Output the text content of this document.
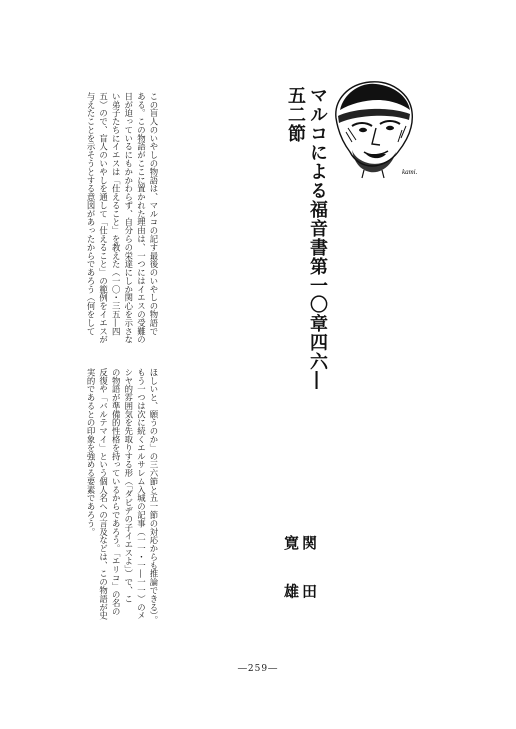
kami.
マルコによる福音書第一〇章四六―五二節
関 田 寛 雄

この盲人のいやしの物語は、マルコの記す最後のいやしの物語で
ある。この物語がここに置かれた理由は、一つにはイエスの受難の
日が迫っているにもかかわらず、自分らの栄達にしか関心を示さな
い弟子たちにイエスは「仕えること」を教えた（一〇・三五―四
五）ので、盲人のいやしを通して「仕えること」の範例をイエスが
与えたことを示そうとする意図があったからであろう（何をして

ほしいと、願うのか」の三六節と五一節の対応からも推論できる）。
もう一つは次に続くエルサレム入城の記事（一一・一―一一）のメ
シヤ的雰囲気を先取りする形（「ダビデの子イエスよ」）で、こ
の物語が準備的性格を持っているからであろう。「エリコ」の名の
反復や「バルテマイ」という個人名への言及などは、この物語が史
実的であるとの印象を強める要素であろう。

―259―
